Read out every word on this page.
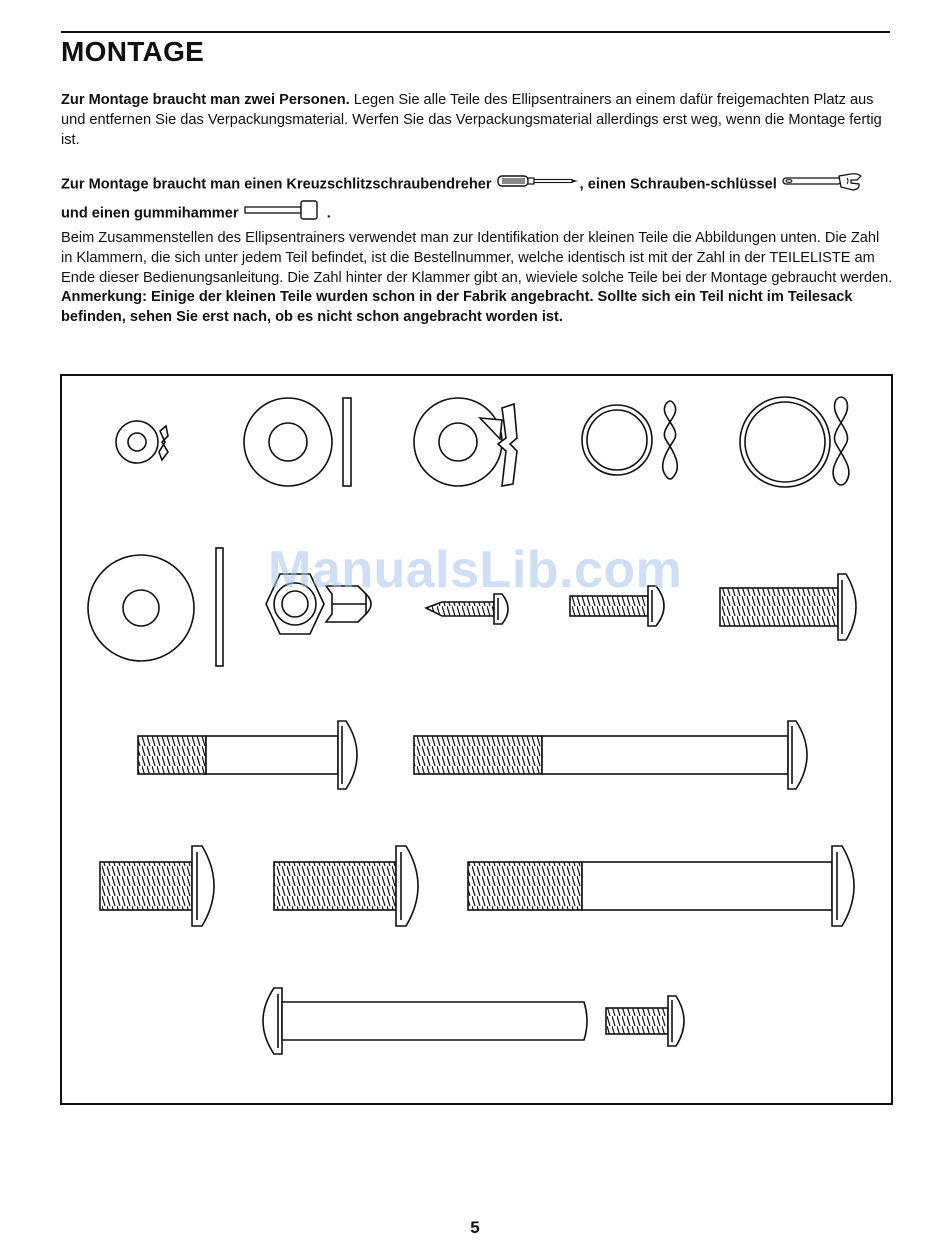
MONTAGE

Zur Montage braucht man zwei Personen. Legen Sie alle Teile des Ellipsentrainers an einem dafür freigemachten Platz aus und entfernen Sie das Verpackungsmaterial. Werfen Sie das Verpackungsmaterial allerdings erst weg, wenn die Montage fertig ist.

Zur Montage braucht man einen Kreuzschlitzschraubendreher	, einen Schrauben-schlüssel  und einen gummihammer	.

Beim Zusammenstellen des Ellipsentrainers verwendet man zur Identifikation der kleinen Teile die Abbildungen unten. Die Zahl in Klammern, die sich unter jedem Teil befindet, ist die Bestellnummer, welche identisch ist mit der Zahl in der TEILELISTE am Ende dieser Bedienungsanleitung. Die Zahl hinter der Klammer gibt an, wieviele solche Teile bei der Montage gebraucht werden. Anmerkung: Einige der kleinen Teile wurden schon in der Fabrik angebracht. Sollte sich ein Teil nicht im Teilesack befinden, sehen Sie erst nach, ob es nicht schon angebracht worden ist.

ManualsLib.com
5
